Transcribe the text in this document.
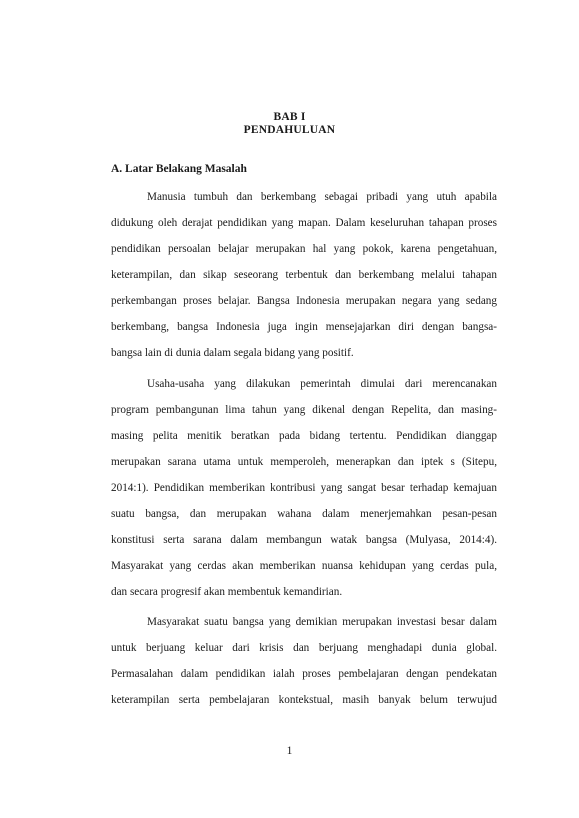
BAB I
PENDAHULUAN
A. Latar Belakang Masalah
Manusia tumbuh dan berkembang sebagai pribadi yang utuh apabila
didukung oleh derajat pendidikan yang mapan. Dalam keseluruhan tahapan proses
pendidikan persoalan belajar merupakan hal yang pokok, karena pengetahuan,
keterampilan, dan sikap seseorang terbentuk dan berkembang melalui tahapan
perkembangan proses belajar. Bangsa Indonesia merupakan negara yang sedang
berkembang, bangsa Indonesia juga ingin mensejajarkan diri dengan bangsa-
bangsa lain di dunia dalam segala bidang yang positif.
Usaha-usaha yang dilakukan pemerintah dimulai dari merencanakan
program pembangunan lima tahun yang dikenal dengan Repelita, dan masing-
masing pelita menitik beratkan pada bidang tertentu. Pendidikan dianggap
merupakan sarana utama untuk memperoleh, menerapkan dan iptek s (Sitepu,
2014:1). Pendidikan memberikan kontribusi yang sangat besar terhadap kemajuan
suatu bangsa, dan merupakan wahana dalam menerjemahkan pesan-pesan
konstitusi serta sarana dalam membangun watak bangsa (Mulyasa, 2014:4).
Masyarakat yang cerdas akan memberikan nuansa kehidupan yang cerdas pula,
dan secara progresif akan membentuk kemandirian.
Masyarakat suatu bangsa yang demikian merupakan investasi besar dalam
untuk berjuang keluar dari krisis dan berjuang menghadapi dunia global.
Permasalahan dalam pendidikan ialah proses pembelajaran dengan pendekatan
keterampilan serta pembelajaran kontekstual, masih banyak belum terwujud
1
